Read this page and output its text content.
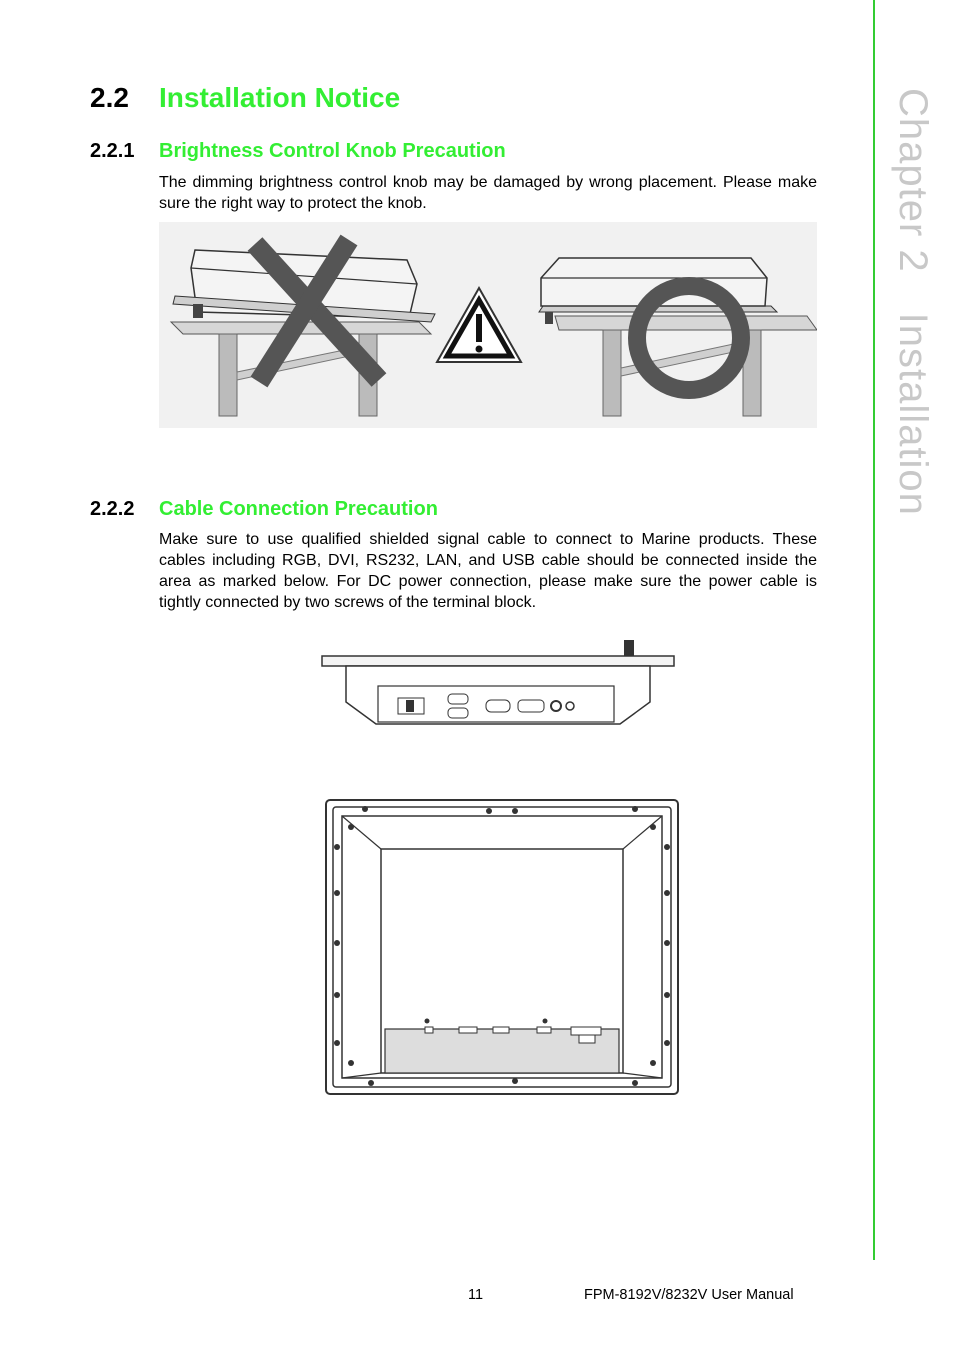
Chapter 2Installation
2.2 Installation Notice
2.2.1 Brightness Control Knob Precaution
The dimming brightness control knob may be damaged by wrong placement. Please make sure the right way to protect the knob.
2.2.2 Cable Connection Precaution
Make sure to use qualified shielded signal cable to connect to Marine products. These cables including RGB, DVI, RS232, LAN, and USB cable should be connected inside the area as marked below. For DC power connection, please make sure the power cable is tightly connected by two screws of the terminal block.
11	FPM-8192V/8232V User Manual
